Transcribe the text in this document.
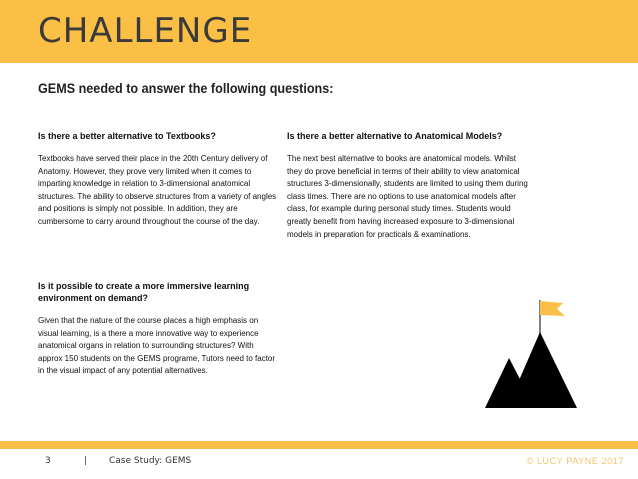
CHALLENGE
GEMS needed to answer the following questions:
Is there a better alternative to Textbooks?

Textbooks have served their place in the 20th Century delivery of Anatomy. However, they prove very limited when it comes to imparting knowledge in relation to 3-dimensional anatomical structures. The ability to observe structures from a variety of angles and positions is simply not possible. In addition, they are cumbersome to carry around throughout the course of the day.

Is there a better alternative to Anatomical Models?

The next best alternative to books are anatomical models. Whilst they do prove beneficial in terms of their ability to view anatomical structures 3-dimensionally, students are limited to using them during class times. There are no options to use anatomical models after class, for example during personal study times. Students would greatly benefit from having increased exposure to 3-dimensional models in preparation for practicals & examinations.

Is it possible to create a more immersive learning environment on demand?

Given that the nature of the course places a high emphasis on visual learning, is a there a more innovative way to experience anatomical organs in relation to surrounding structures? With approx 150 students on the GEMS programe, Tutors need to factor in the visual impact of any potential alternatives.

3	| Case Study: GEMS	© LUCY PAYNE 2017
